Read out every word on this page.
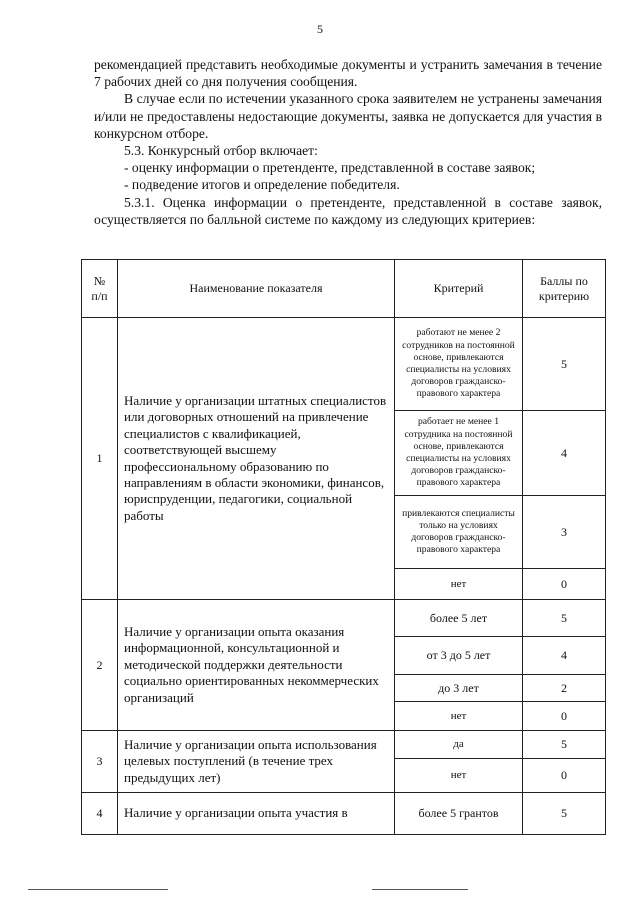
5

рекомендацией представить необходимые документы и устранить замечания в течение 7 рабочих дней со дня получения сообщения.

В случае если по истечении указанного срока заявителем не устранены замечания и/или не предоставлены недостающие документы, заявка не допускается для участия в конкурсном отборе.

5.3. Конкурсный отбор включает:

- оценку информации о претенденте, представленной в составе заявок;

- подведение итогов и определение победителя.

5.3.1. Оценка информации о претенденте, представленной в составе заявок, осуществляется по балльной системе по каждому из следующих критериев:

№ п/п	Наименование показателя	Критерий	Баллы по критерию
1	Наличие у организации штатных специалистов или договорных отношений на привлечение специалистов с квалификацией, соответствующей высшему профессиональному образованию по направлениям в области экономики, финансов, юриспруденции, педагогики, социальной работы	работают не менее 2 сотрудников на постоянной основе, привлекаются специалисты на условиях договоров гражданско-правового характера	5
		работает не менее 1 сотрудника на постоянной основе, привлекаются специалисты на условиях договоров гражданско-правового характера	4
		привлекаются специалисты только на условиях договоров гражданско-правового характера	3
		нет	0
2	Наличие у организации опыта оказания информационной, консультационной и методической поддержки деятельности социально ориентированных некоммерческих организаций	более 5 лет	5
		от 3 до 5 лет	4
		до 3 лет	2
		нет	0
3	Наличие у организации опыта использования целевых поступлений (в течение трех предыдущих лет)	да	5
		нет	0
4	Наличие у организации опыта участия в	более 5 грантов	5
